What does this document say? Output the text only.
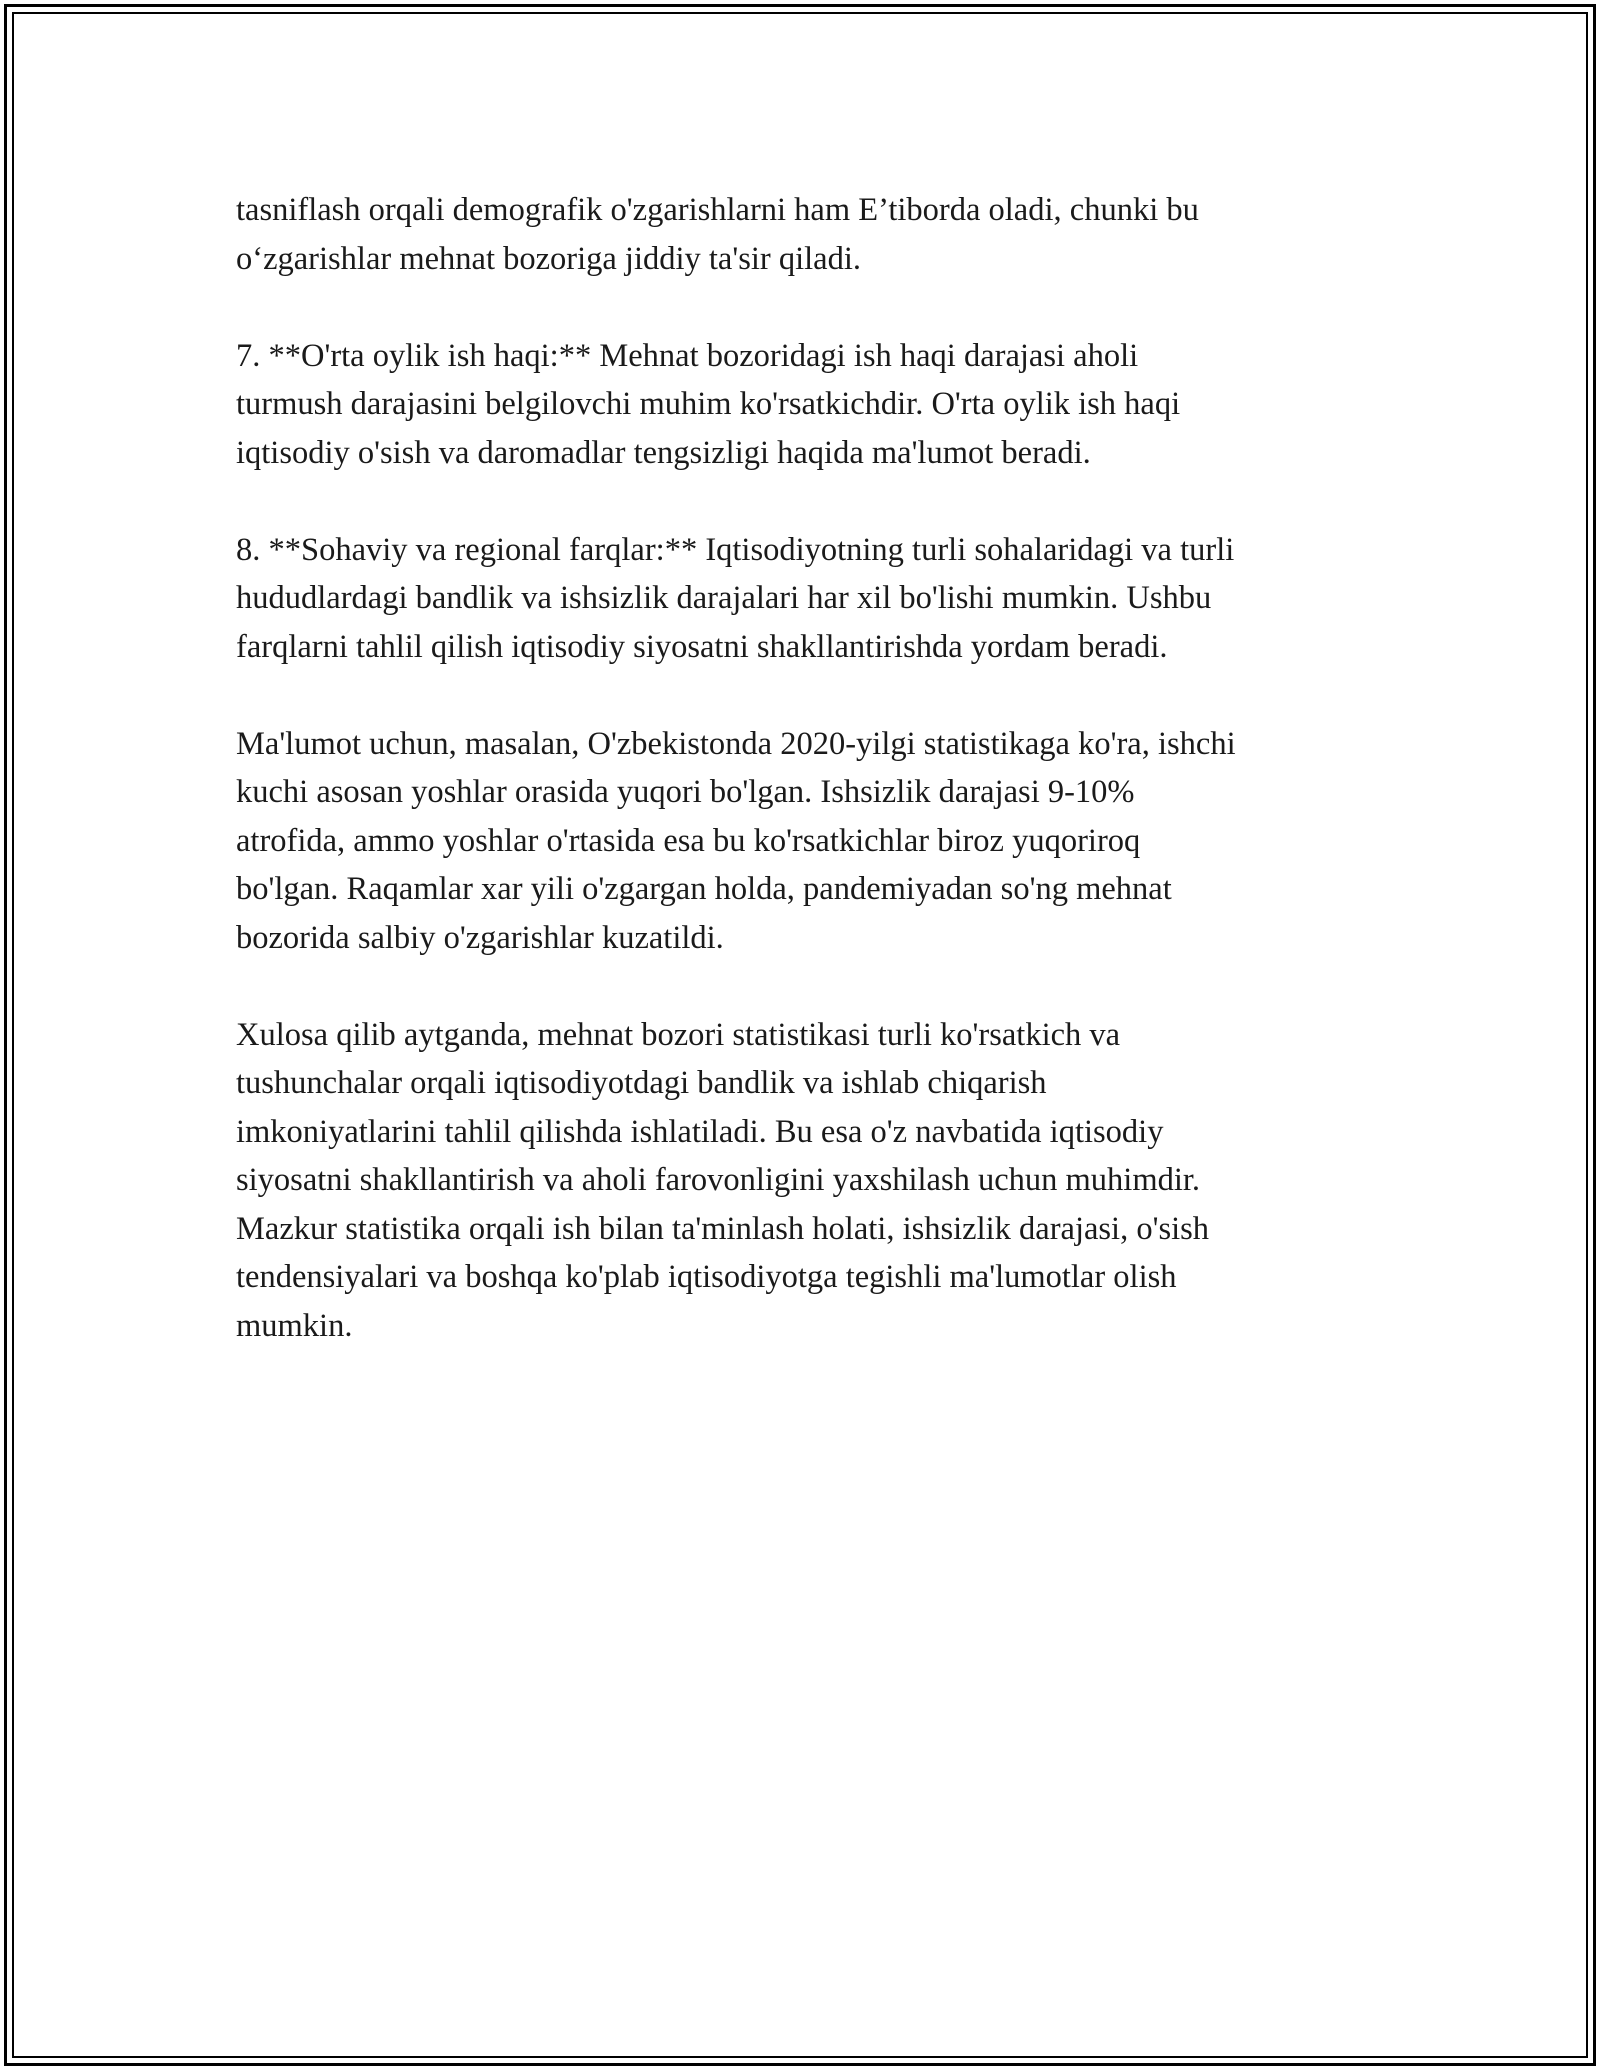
tasniflash orqali demografik o'zgarishlarni ham E’tiborda oladi, chunki bu
o‘zgarishlar mehnat bozoriga jiddiy ta'sir qiladi.

7. **O'rta oylik ish haqi:** Mehnat bozoridagi ish haqi darajasi aholi
turmush darajasini belgilovchi muhim ko'rsatkichdir. O'rta oylik ish haqi
iqtisodiy o'sish va daromadlar tengsizligi haqida ma'lumot beradi.

8. **Sohaviy va regional farqlar:** Iqtisodiyotning turli sohalaridagi va turli
hududlardagi bandlik va ishsizlik darajalari har xil bo'lishi mumkin. Ushbu
farqlarni tahlil qilish iqtisodiy siyosatni shakllantirishda yordam beradi.

Ma'lumot uchun, masalan, O'zbekistonda 2020-yilgi statistikaga ko'ra, ishchi
kuchi asosan yoshlar orasida yuqori bo'lgan. Ishsizlik darajasi 9-10%
atrofida, ammo yoshlar o'rtasida esa bu ko'rsatkichlar biroz yuqoriroq
bo'lgan. Raqamlar xar yili o'zgargan holda, pandemiyadan so'ng mehnat
bozorida salbiy o'zgarishlar kuzatildi.

Xulosa qilib aytganda, mehnat bozori statistikasi turli ko'rsatkich va
tushunchalar orqali iqtisodiyotdagi bandlik va ishlab chiqarish
imkoniyatlarini tahlil qilishda ishlatiladi. Bu esa o'z navbatida iqtisodiy
siyosatni shakllantirish va aholi farovonligini yaxshilash uchun muhimdir.
Mazkur statistika orqali ish bilan ta'minlash holati, ishsizlik darajasi, o'sish
tendensiyalari va boshqa ko'plab iqtisodiyotga tegishli ma'lumotlar olish
mumkin.
